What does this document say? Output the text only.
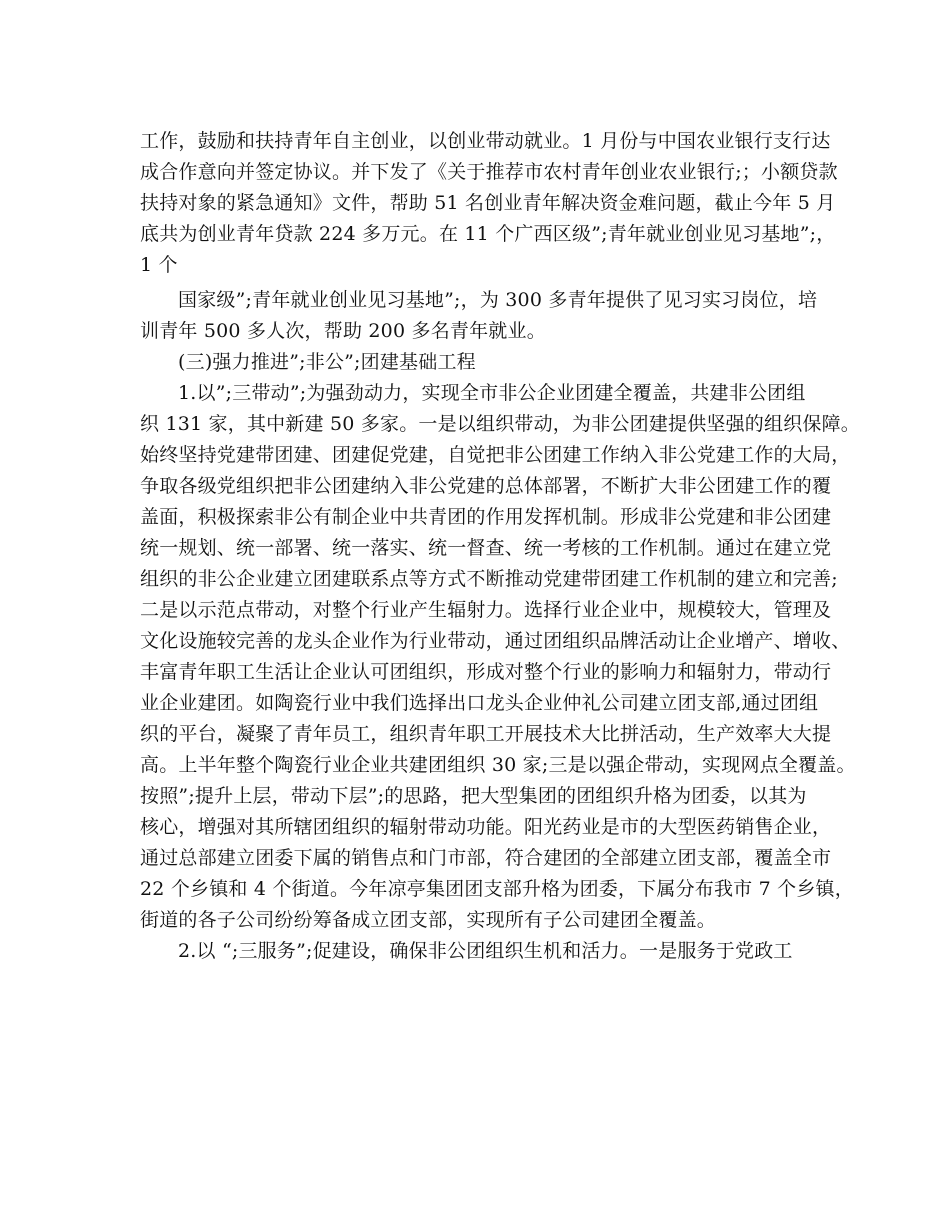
工作，鼓励和扶持青年自主创业，以创业带动就业。1 月份与中国农业银行支行达
成合作意向并签定协议。并下发了《关于推荐市农村青年创业农业银行;；小额贷款
扶持对象的紧急通知》文件，帮助 51 名创业青年解决资金难问题，截止今年 5 月
底共为创业青年贷款 224 多万元。在 11 个广西区级”;青年就业创业见习基地”;，
1 个
国家级”;青年就业创业见习基地”;，为 300 多青年提供了见习实习岗位，培
训青年 500 多人次，帮助 200 多名青年就业。
(三)强力推进”;非公”;团建基础工程
1.以”;三带动”;为强劲动力，实现全市非公企业团建全覆盖，共建非公团组
织 131 家，其中新建 50 多家。一是以组织带动，为非公团建提供坚强的组织保障。
始终坚持党建带团建、团建促党建，自觉把非公团建工作纳入非公党建工作的大局，
争取各级党组织把非公团建纳入非公党建的总体部署，不断扩大非公团建工作的覆
盖面，积极探索非公有制企业中共青团的作用发挥机制。形成非公党建和非公团建
统一规划、统一部署、统一落实、统一督查、统一考核的工作机制。通过在建立党
组织的非公企业建立团建联系点等方式不断推动党建带团建工作机制的建立和完善;
二是以示范点带动，对整个行业产生辐射力。选择行业企业中，规模较大，管理及
文化设施较完善的龙头企业作为行业带动，通过团组织品牌活动让企业增产、增收、
丰富青年职工生活让企业认可团组织，形成对整个行业的影响力和辐射力，带动行
业企业建团。如陶瓷行业中我们选择出口龙头企业仲礼公司建立团支部,通过团组
织的平台，凝聚了青年员工，组织青年职工开展技术大比拼活动，生产效率大大提
高。上半年整个陶瓷行业企业共建团组织 30 家;三是以强企带动，实现网点全覆盖。
按照”;提升上层，带动下层”;的思路，把大型集团的团组织升格为团委，以其为
核心，增强对其所辖团组织的辐射带动功能。阳光药业是市的大型医药销售企业，
通过总部建立团委下属的销售点和门市部，符合建团的全部建立团支部，覆盖全市
22 个乡镇和 4 个街道。今年凉亭集团团支部升格为团委，下属分布我市 7 个乡镇，
街道的各子公司纷纷筹备成立团支部，实现所有子公司建团全覆盖。
2.以 “;三服务”;促建设，确保非公团组织生机和活力。一是服务于党政工
